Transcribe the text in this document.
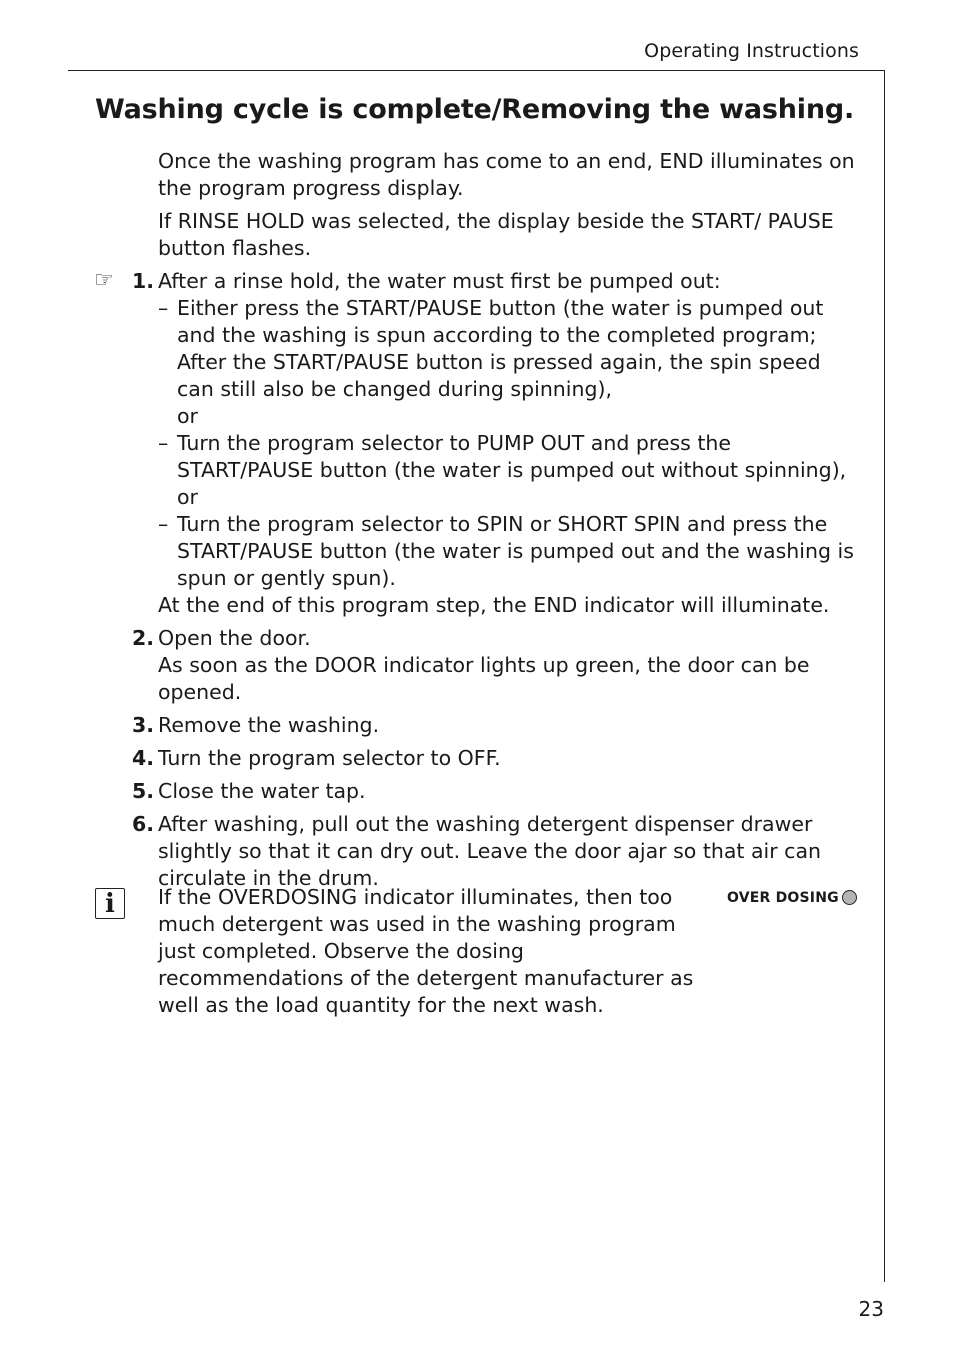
Operating Instructions
Washing cycle is complete/Removing the washing.

Once the washing program has come to an end, END illuminates on the program progress display.

If RINSE HOLD was selected, the display beside the START/ PAUSE button flashes.

☞ 1. After a rinse hold, the water must first be pumped out:
– Either press the START/PAUSE button (the water is pumped out and the washing is spun according to the completed program; After the START/PAUSE button is pressed again, the spin speed can still also be changed during spinning),
or
– Turn the program selector to PUMP OUT and press the START/PAUSE button (the water is pumped out without spinning),
or
– Turn the program selector to SPIN or SHORT SPIN and press the START/PAUSE button (the water is pumped out and the washing is spun or gently spun).
At the end of this program step, the END indicator will illuminate.
2. Open the door.
As soon as the DOOR indicator lights up green, the door can be opened.
3. Remove the washing.
4. Turn the program selector to OFF.
5. Close the water tap.
6. After washing, pull out the washing detergent dispenser drawer slightly so that it can dry out. Leave the door ajar so that air can circulate in the drum.
i	If the OVERDOSING indicator illuminates, then too much detergent was used in the washing program just completed. Observe the dosing recommendations of the detergent manufacturer as well as the load quantity for the next wash.
OVER DOSING
23
